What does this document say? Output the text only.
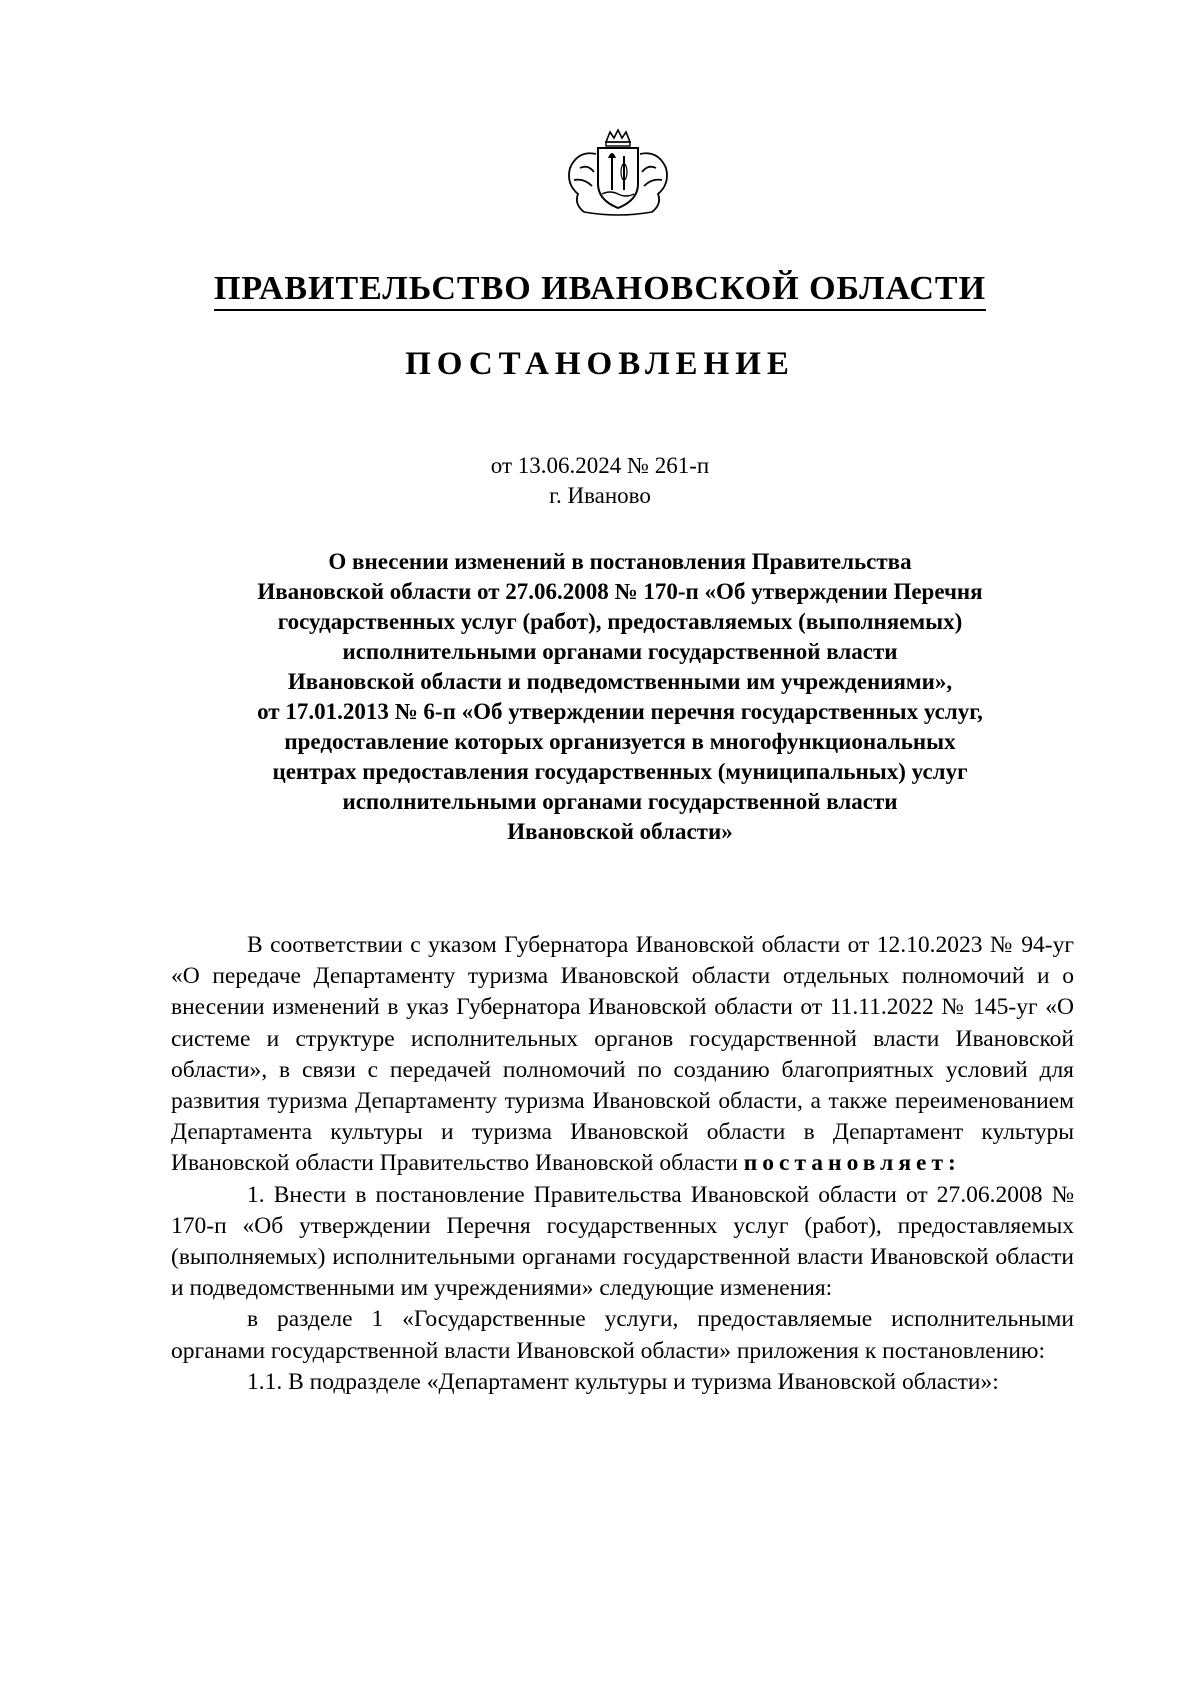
ПРАВИТЕЛЬСТВО ИВАНОВСКОЙ ОБЛАСТИ
ПОСТАНОВЛЕНИЕ
от 13.06.2024 № 261-п
г. Иваново
О внесении изменений в постановления Правительства
Ивановской области от 27.06.2008 № 170-п «Об утверждении Перечня
государственных услуг (работ), предоставляемых (выполняемых)
исполнительными органами государственной власти
Ивановской области и подведомственными им учреждениями»,
от 17.01.2013 № 6-п «Об утверждении перечня государственных услуг,
предоставление которых организуется в многофункциональных
центрах предоставления государственных (муниципальных) услуг
исполнительными органами государственной власти
Ивановской области»

В соответствии с указом Губернатора Ивановской области от 12.10.2023 № 94-уг «О передаче Департаменту туризма Ивановской области отдельных полномочий и о внесении изменений в указ Губернатора Ивановской области от 11.11.2022 № 145-уг «О системе и структуре исполнительных органов государственной власти Ивановской области», в связи с передачей полномочий по созданию благоприятных условий для развития туризма Департаменту туризма Ивановской области, а также переименованием Департамента культуры и туризма Ивановской области в Департамент культуры Ивановской области Правительство Ивановской области постановляет:

1. Внести в постановление Правительства Ивановской области от 27.06.2008 № 170-п «Об утверждении Перечня государственных услуг (работ), предоставляемых (выполняемых) исполнительными органами государственной власти Ивановской области и подведомственными им учреждениями» следующие изменения:

в разделе 1 «Государственные услуги, предоставляемые исполнительными органами государственной власти Ивановской области» приложения к постановлению:

1.1. В подразделе «Департамент культуры и туризма Ивановской области»:
